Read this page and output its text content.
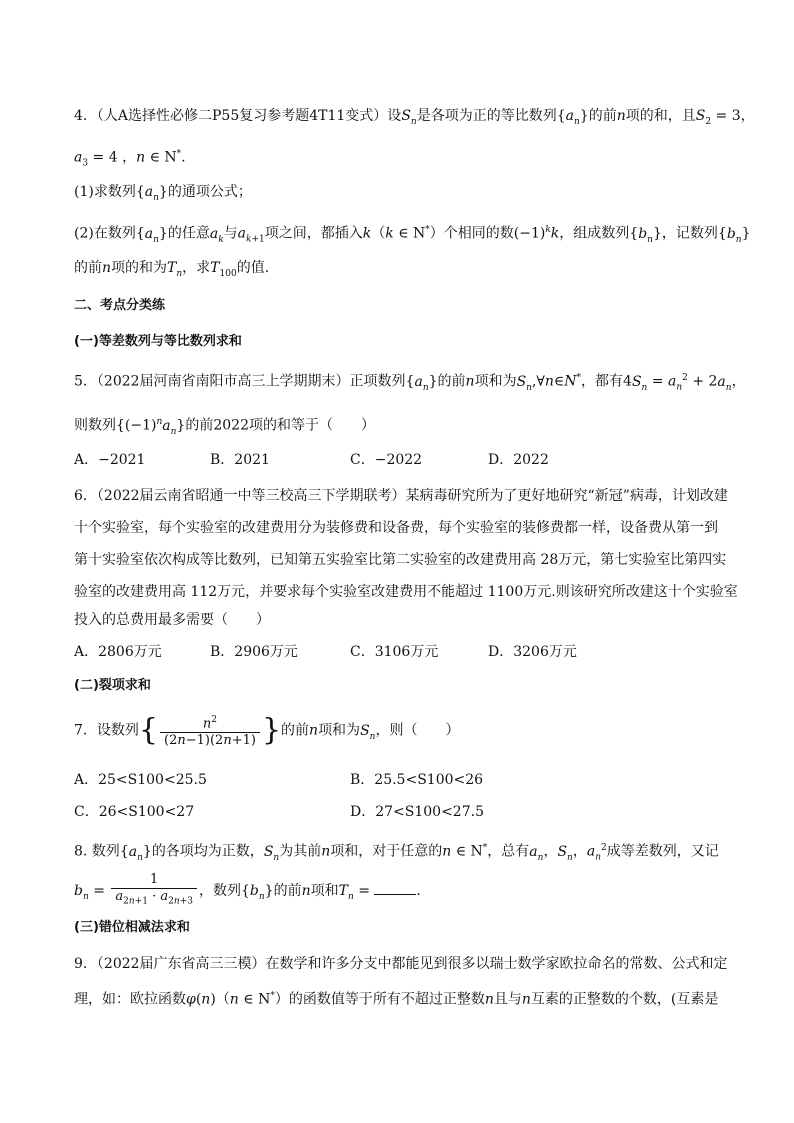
4．（人A选择性必修二P55复习参考题4T11变式）设$S_n$是各项为正的等比数列$\{a_n\}$的前n项的和，且$S_2 = 3$，
$a_3 = 4$ ，n ∈ N*.
(1)求数列$\{a_n\}$的通项公式；
(2)在数列$\{a_n\}$的任意$a_k$与$a_{k+1}$项之间，都插入k（k ∈ N*）个相同的数$(-1)^kk$，组成数列$\{b_n\}$，记数列$\{b_n\}$
的前n项的和为$T_n$，求$T_{100}$的值.
二、考点分类练
(一)等差数列与等比数列求和
5．（2022届河南省南阳市高三上学期期末）正项数列$\{a_n\}$的前n项和为$S_n,\forall n\in N^*$，都有$4S_n = a_n^2 + 2a_n$，
则数列$\{(-1)^na_n\}$的前2022项的和等于（　　）
A．−2021	B．2021	C．−2022	D．2022
6．（2022届云南省昭通一中等三校高三下学期联考）某病毒研究所为了更好地研究“新冠”病毒，计划改建
十个实验室，每个实验室的改建费用分为装修费和设备费，每个实验室的装修费都一样，设备费从第一到
第十实验室依次构成等比数列，已知第五实验室比第二实验室的改建费用高 28万元，第七实验室比第四实
验室的改建费用高 112万元，并要求每个实验室改建费用不能超过 1100万元.则该研究所改建这十个实验室
投入的总费用最多需要（　　）
A．2806万元	B．2906万元	C．3106万元	D．3206万元
(二)裂项求和
7．设数列{ $\frac{n^2}{(2n-1)(2n+1)}$ }的前n项和为$S_n$，则（　　）
A．25<S100<25.5	B．25.5<S100<26
C．26<S100<27	D．27<S100<27.5
8. 数列$\{a_n\}$的各项均为正数，$S_n$为其前n项和，对于任意的n ∈ N*，总有$a_n$，$S_n$，$a_n^2$成等差数列，又记
$b_n = \frac{1}{a_{2n+1} \cdot a_{2n+3}}$ ，数列$\{b_n\}$的前n项和$T_n$ =	.
(三)错位相减法求和
9．（2022届广东省高三三模）在数学和许多分支中都能见到很多以瑞士数学家欧拉命名的常数、公式和定
理，如：欧拉函数φ(n)（n ∈ N*）的函数值等于所有不超过正整数n且与n互素的正整数的个数，(互素是
